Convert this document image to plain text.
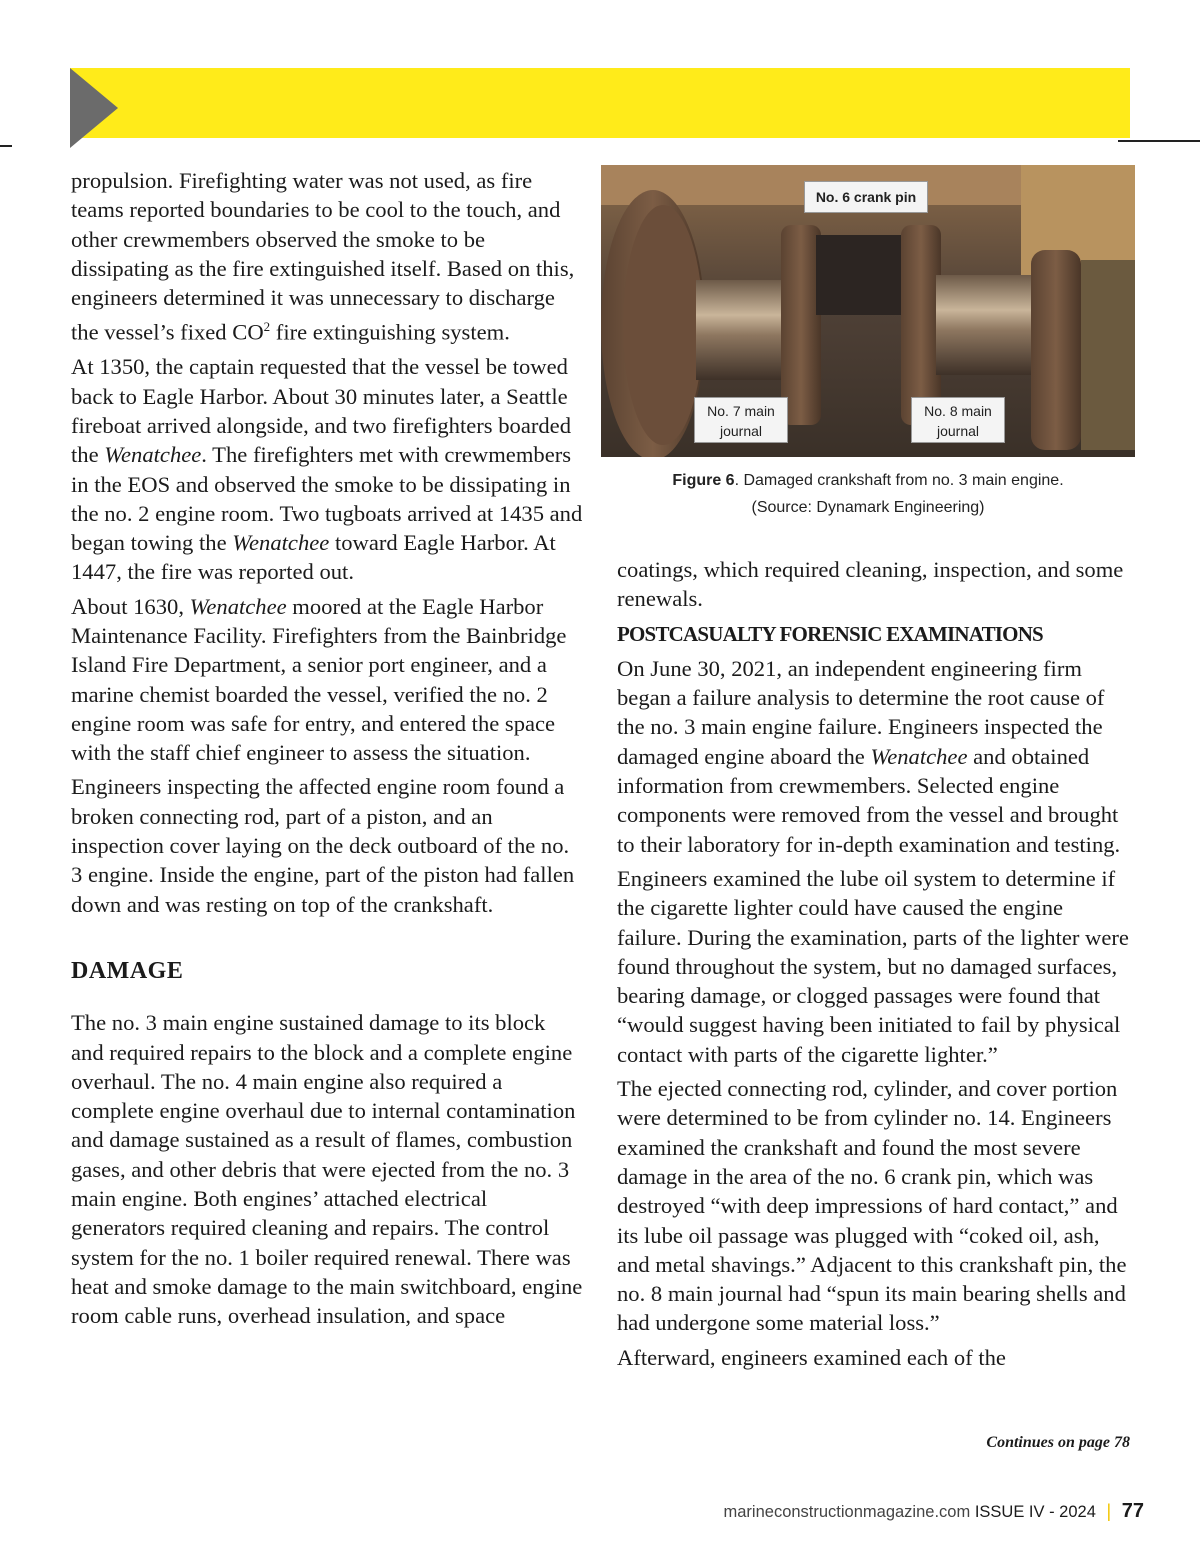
propulsion. Firefighting water was not used, as fire teams reported boundaries to be cool to the touch, and other crewmembers observed the smoke to be dissipating as the fire extinguished itself. Based on this, engineers determined it was unnecessary to discharge the vessel’s fixed $CO^2$ fire extinguishing system.

At 1350, the captain requested that the vessel be towed back to Eagle Harbor. About 30 minutes later, a Seattle fireboat arrived alongside, and two firefighters boarded the Wenatchee. The firefighters met with crewmembers in the EOS and observed the smoke to be dissipating in the no. 2 engine room. Two tugboats arrived at 1435 and began towing the Wenatchee toward Eagle Harbor. At 1447, the fire was reported out.

About 1630, Wenatchee moored at the Eagle Harbor Maintenance Facility. Firefighters from the Bainbridge Island Fire Department, a senior port engineer, and a marine chemist boarded the vessel, verified the no. 2 engine room was safe for entry, and entered the space with the staff chief engineer to assess the situation.

Engineers inspecting the affected engine room found a broken connecting rod, part of a piston, and an inspection cover laying on the deck outboard of the no. 3 engine. Inside the engine, part of the piston had fallen down and was resting on top of the crankshaft.

DAMAGE

The no. 3 main engine sustained damage to its block and required repairs to the block and a complete engine overhaul. The no. 4 main engine also required a complete engine overhaul due to internal contamination and damage sustained as a result of flames, combustion gases, and other debris that were ejected from the no. 3 main engine. Both engines’ attached electrical generators required cleaning and repairs. The control system for the no. 1 boiler required renewal. There was heat and smoke damage to the main switchboard, engine room cable runs, overhead insulation, and space

No. 6 crank pin
No. 7 main
journal
No. 8 main
journal
Figure 6. Damaged crankshaft from no. 3 main engine.
(Source: Dynamark Engineering)

coatings, which required cleaning, inspection, and some renewals.

POSTCASUALTY FORENSIC EXAMINATIONS

On June 30, 2021, an independent engineering firm began a failure analysis to determine the root cause of the no. 3 main engine failure. Engineers inspected the damaged engine aboard the Wenatchee and obtained information from crewmembers. Selected engine components were removed from the vessel and brought to their laboratory for in-depth examination and testing.

Engineers examined the lube oil system to determine if the cigarette lighter could have caused the engine failure. During the examination, parts of the lighter were found throughout the system, but no damaged surfaces, bearing damage, or clogged passages were found that “would suggest having been initiated to fail by physical contact with parts of the cigarette lighter.”

The ejected connecting rod, cylinder, and cover portion were determined to be from cylinder no. 14. Engineers examined the crankshaft and found the most severe damage in the area of the no. 6 crank pin, which was destroyed “with deep impressions of hard contact,” and its lube oil passage was plugged with “coked oil, ash, and metal shavings.” Adjacent to this crankshaft pin, the no. 8 main journal had “spun its main bearing shells and had undergone some material loss.”

Afterward, engineers examined each of the

Continues on page 78
marineconstructionmagazine.com ISSUE IV - 2024 | 77
